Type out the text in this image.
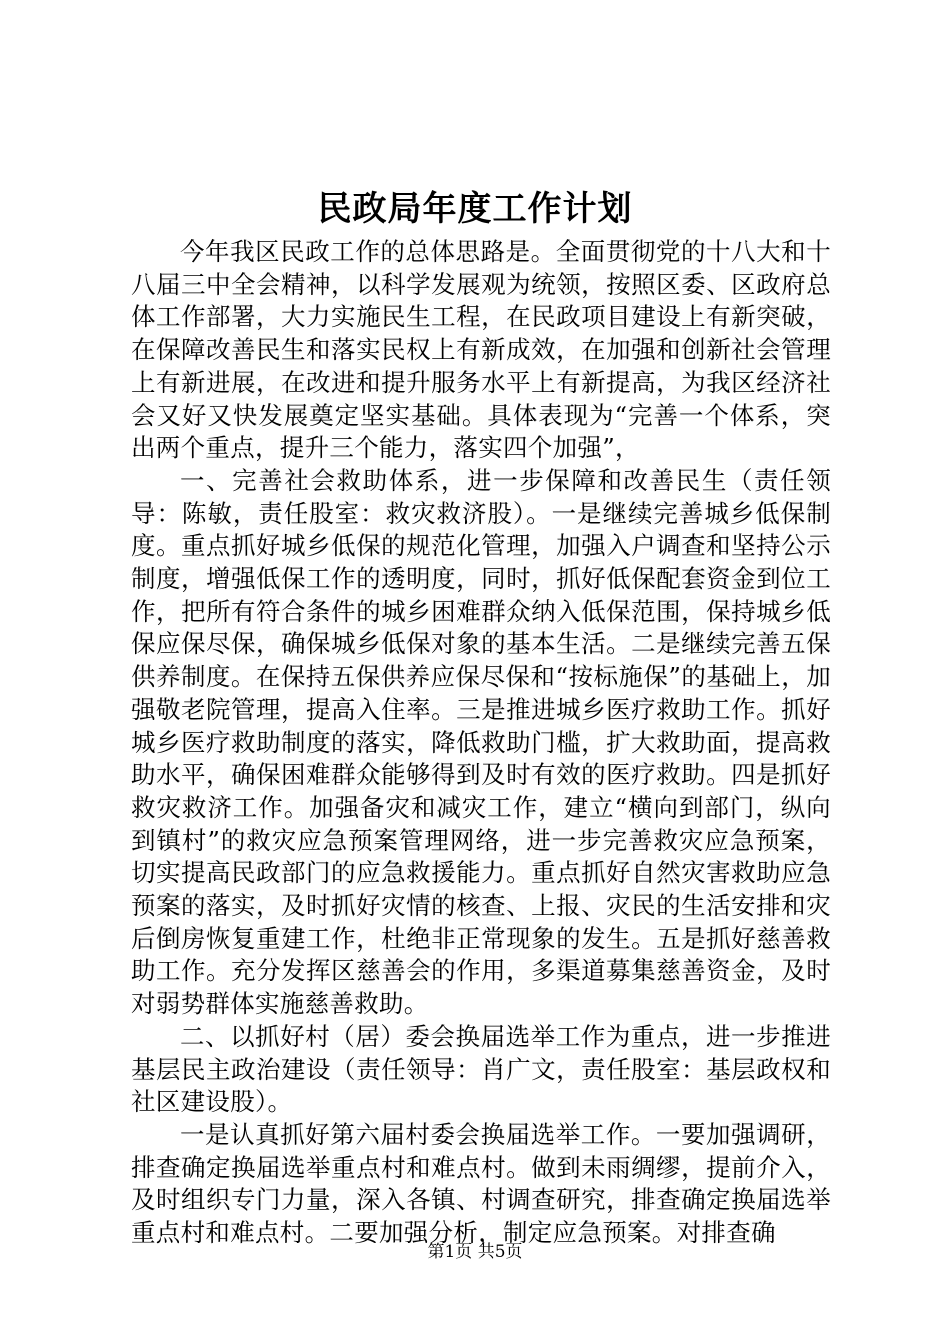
民政局年度工作计划

今年我区民政工作的总体思路是。全面贯彻党的十八大和十八届三中全会精神，以科学发展观为统领，按照区委、区政府总体工作部署，大力实施民生工程，在民政项目建设上有新突破，在保障改善民生和落实民权上有新成效，在加强和创新社会管理上有新进展，在改进和提升服务水平上有新提高，为我区经济社会又好又快发展奠定坚实基础。具体表现为“完善一个体系，突出两个重点，提升三个能力，落实四个加强”，

一、完善社会救助体系，进一步保障和改善民生（责任领导：陈敏，责任股室：救灾救济股）。一是继续完善城乡低保制度。重点抓好城乡低保的规范化管理，加强入户调查和坚持公示制度，增强低保工作的透明度，同时，抓好低保配套资金到位工作，把所有符合条件的城乡困难群众纳入低保范围，保持城乡低保应保尽保，确保城乡低保对象的基本生活。二是继续完善五保供养制度。在保持五保供养应保尽保和“按标施保”的基础上，加强敬老院管理，提高入住率。三是推进城乡医疗救助工作。抓好城乡医疗救助制度的落实，降低救助门槛，扩大救助面，提高救助水平，确保困难群众能够得到及时有效的医疗救助。四是抓好救灾救济工作。加强备灾和减灾工作，建立“横向到部门，纵向到镇村”的救灾应急预案管理网络，进一步完善救灾应急预案，切实提高民政部门的应急救援能力。重点抓好自然灾害救助应急预案的落实，及时抓好灾情的核查、上报、灾民的生活安排和灾后倒房恢复重建工作，杜绝非正常现象的发生。五是抓好慈善救助工作。充分发挥区慈善会的作用，多渠道募集慈善资金，及时对弱势群体实施慈善救助。

二、以抓好村（居）委会换届选举工作为重点，进一步推进基层民主政治建设（责任领导：肖广文，责任股室：基层政权和社区建设股）。

一是认真抓好第六届村委会换届选举工作。一要加强调研，排查确定换届选举重点村和难点村。做到未雨绸缪，提前介入，及时组织专门力量，深入各镇、村调查研究，排查确定换届选举重点村和难点村。二要加强分析，制定应急预案。对排查确

第1页 共5页
